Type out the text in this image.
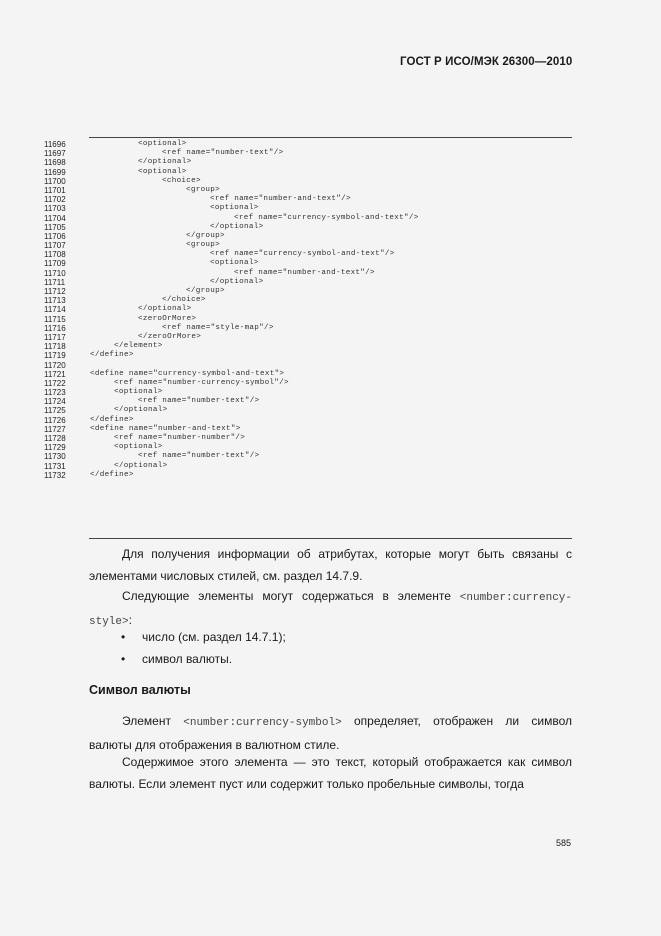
ГОСТ Р ИСО/МЭК 26300—2010
11696	<optional>
11697	<ref name="number-text"/>
11698	</optional>
11699	<optional>
11700	<choice>
11701	<group>
11702	<ref name="number-and-text"/>
11703	<optional>
11704	<ref name="currency-symbol-and-text"/>
11705	</optional>
11706	</group>
11707	<group>
11708	<ref name="currency-symbol-and-text"/>
11709	<optional>
11710	<ref name="number-and-text"/>
11711	</optional>
11712	</group>
11713	</choice>
11714	</optional>
11715	<zeroOrMore>
11716	<ref name="style-map"/>
11717	</zeroOrMore>
11718	</element>
11719	</define>
11720
11721	<define name="currency-symbol-and-text">
11722	<ref name="number-currency-symbol"/>
11723	<optional>
11724	<ref name="number-text"/>
11725	</optional>
11726	</define>
11727	<define name="number-and-text">
11728	<ref name="number-number"/>
11729	<optional>
11730	<ref name="number-text"/>
11731	</optional>
11732	</define>
Для получения информации об атрибутах, которые могут быть связаны с элементами числовых стилей, см. раздел 14.7.9.
Следующие элементы могут содержаться в элементе <number:currency-style>:
• число (см. раздел 14.7.1);
• символ валюты.
Символ валюты
Элемент <number:currency-symbol> определяет, отображен ли символ валюты для отображения в валютном стиле.
Содержимое этого элемента — это текст, который отображается как символ валюты. Если элемент пуст или содержит только пробельные символы, тогда
585
